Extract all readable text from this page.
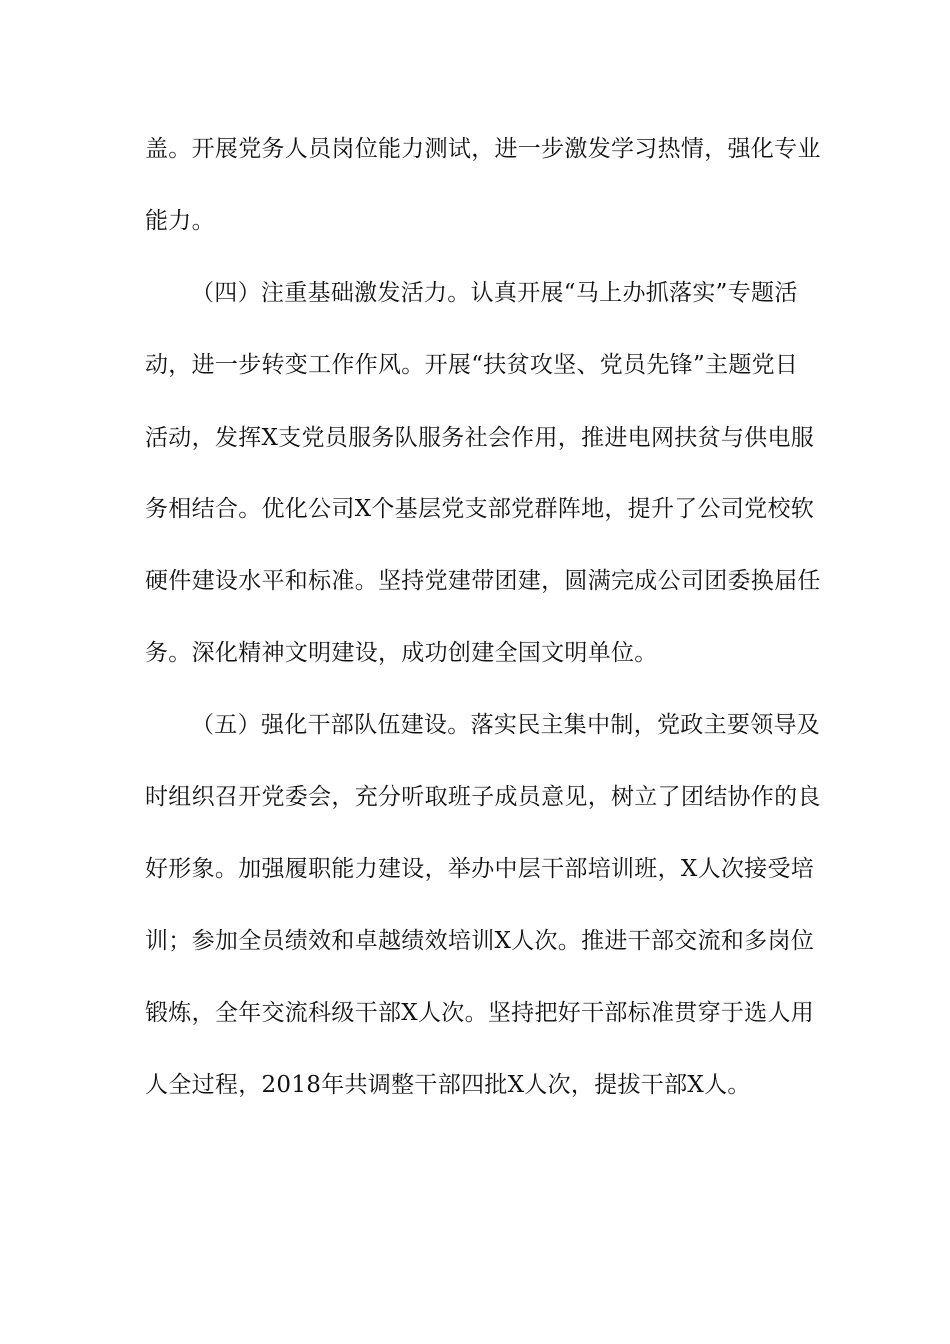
盖。开展党务人员岗位能力测试，进一步激发学习热情，强化专业
能力。
（四）注重基础激发活力。认真开展“马上办抓落实”专题活
动，进一步转变工作作风。开展“扶贫攻坚、党员先锋”主题党日
活动，发挥X支党员服务队服务社会作用，推进电网扶贫与供电服
务相结合。优化公司X个基层党支部党群阵地，提升了公司党校软
硬件建设水平和标准。坚持党建带团建，圆满完成公司团委换届任
务。深化精神文明建设，成功创建全国文明单位。
（五）强化干部队伍建设。落实民主集中制，党政主要领导及
时组织召开党委会，充分听取班子成员意见，树立了团结协作的良
好形象。加强履职能力建设，举办中层干部培训班，X人次接受培
训；参加全员绩效和卓越绩效培训X人次。推进干部交流和多岗位
锻炼，全年交流科级干部X人次。坚持把好干部标准贯穿于选人用
人全过程，2018年共调整干部四批X人次，提拔干部X人。
